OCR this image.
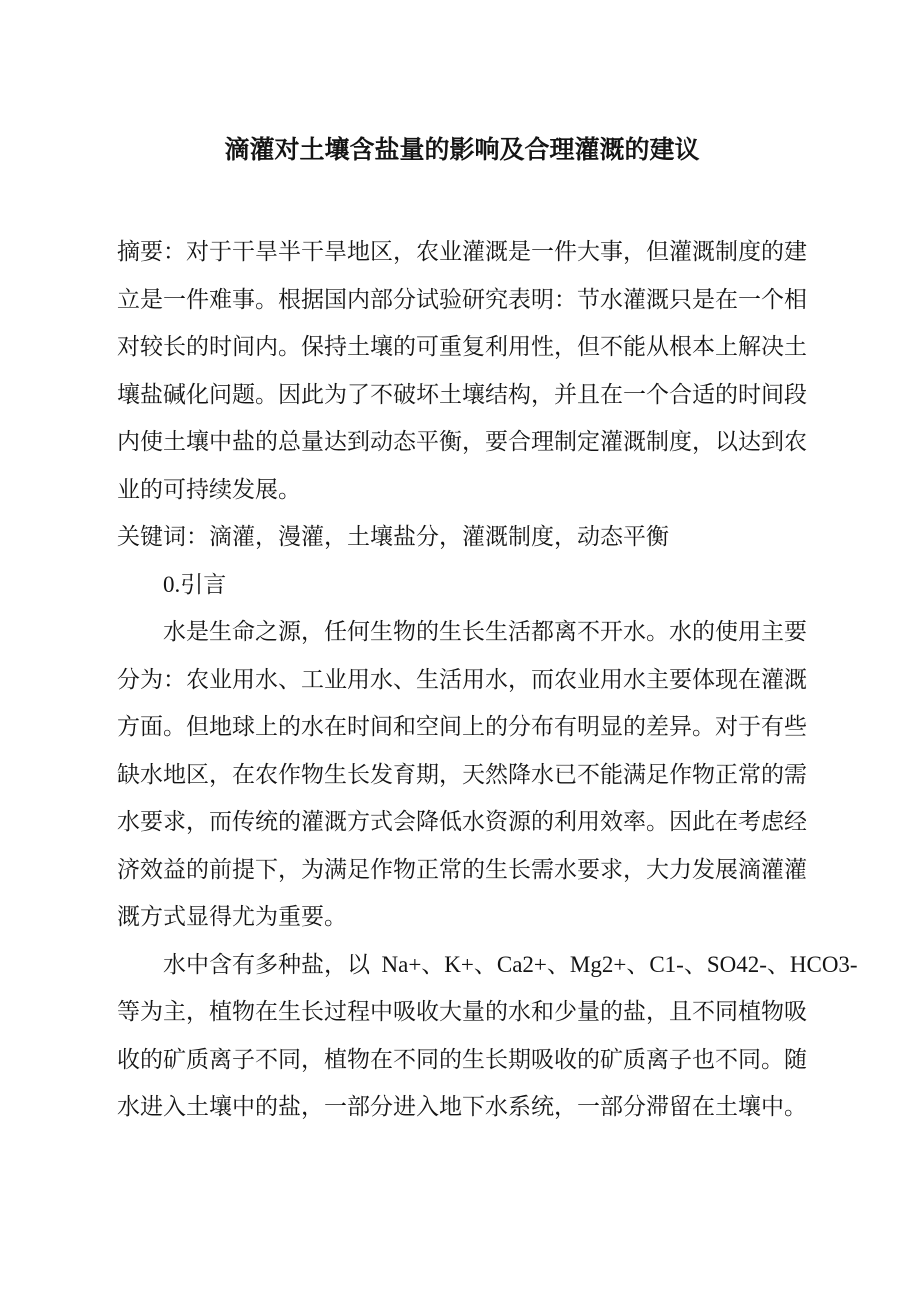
滴灌对土壤含盐量的影响及合理灌溉的建议
摘要：对于干旱半干旱地区，农业灌溉是一件大事，但灌溉制度的建
立是一件难事。根据国内部分试验研究表明：节水灌溉只是在一个相
对较长的时间内。保持土壤的可重复利用性，但不能从根本上解决土
壤盐碱化问题。因此为了不破坏土壤结构，并且在一个合适的时间段
内使土壤中盐的总量达到动态平衡，要合理制定灌溉制度，以达到农
业的可持续发展。
关键词：滴灌，漫灌，土壤盐分，灌溉制度，动态平衡
0.引言
水是生命之源，任何生物的生长生活都离不开水。水的使用主要
分为：农业用水、工业用水、生活用水，而农业用水主要体现在灌溉
方面。但地球上的水在时间和空间上的分布有明显的差异。对于有些
缺水地区，在农作物生长发育期，天然降水已不能满足作物正常的需
水要求，而传统的灌溉方式会降低水资源的利用效率。因此在考虑经
济效益的前提下，为满足作物正常的生长需水要求，大力发展滴灌灌
溉方式显得尤为重要。
水中含有多种盐，以  Na+、K+、Ca2+、Mg2+、C1-、SO42-、HCO3-
等为主，植物在生长过程中吸收大量的水和少量的盐，且不同植物吸
收的矿质离子不同，植物在不同的生长期吸收的矿质离子也不同。随
水进入土壤中的盐，一部分进入地下水系统，一部分滞留在土壤中。
